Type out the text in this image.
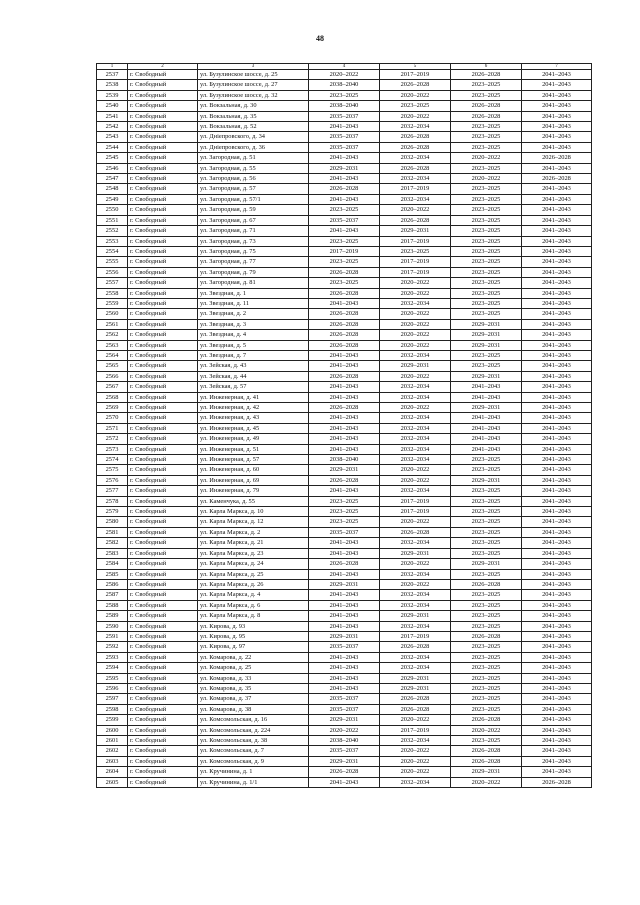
48
1	2	3	4	5	6	7
2537	г. Свободный	ул. Бузулинское шоссе, д. 25	2020–2022	2017–2019	2026–2028	2041–2043
2538	г. Свободный	ул. Бузулинское шоссе, д. 27	2038–2040	2026–2028	2023–2025	2041–2043
2539	г. Свободный	ул. Бузулинское шоссе, д. 32	2023–2025	2020–2022	2023–2025	2041–2043
2540	г. Свободный	ул. Вокзальная, д. 30	2038–2040	2023–2025	2026–2028	2041–2043
2541	г. Свободный	ул. Вокзальная, д. 35	2035–2037	2020–2022	2026–2028	2041–2043
2542	г. Свободный	ул. Вокзальная, д. 52	2041–2043	2032–2034	2023–2025	2041–2043
2543	г. Свободный	ул. Дніепровского, д. 34	2035–2037	2026–2028	2023–2025	2041–2043
2544	г. Свободный	ул. Дніепровского, д. 36	2035–2037	2026–2028	2023–2025	2041–2043
2545	г. Свободный	ул. Загородная, д. 51	2041–2043	2032–2034	2020–2022	2026–2028
2546	г. Свободный	ул. Загородная, д. 55	2029–2031	2026–2028	2023–2025	2041–2043
2547	г. Свободный	ул. Загородная, д. 56	2041–2043	2032–2034	2020–2022	2026–2028
2548	г. Свободный	ул. Загородная, д. 57	2026–2028	2017–2019	2023–2025	2041–2043
2549	г. Свободный	ул. Загородная, д. 57/1	2041–2043	2032–2034	2023–2025	2041–2043
2550	г. Свободный	ул. Загородная, д. 59	2023–2025	2020–2022	2023–2025	2041–2043
2551	г. Свободный	ул. Загородная, д. 67	2035–2037	2026–2028	2023–2025	2041–2043
2552	г. Свободный	ул. Загородная, д. 71	2041–2043	2029–2031	2023–2025	2041–2043
2553	г. Свободный	ул. Загородная, д. 73	2023–2025	2017–2019	2023–2025	2041–2043
2554	г. Свободный	ул. Загородная, д. 75	2017–2019	2023–2025	2023–2025	2041–2043
2555	г. Свободный	ул. Загородная, д. 77	2023–2025	2017–2019	2023–2025	2041–2043
2556	г. Свободный	ул. Загородная, д. 79	2026–2028	2017–2019	2023–2025	2041–2043
2557	г. Свободный	ул. Загородная, д. 81	2023–2025	2020–2022	2023–2025	2041–2043
2558	г. Свободный	ул. Звездная, д. 1	2026–2028	2020–2022	2023–2025	2041–2043
2559	г. Свободный	ул. Звездная, д. 11	2041–2043	2032–2034	2023–2025	2041–2043
2560	г. Свободный	ул. Звездная, д. 2	2026–2028	2020–2022	2023–2025	2041–2043
2561	г. Свободный	ул. Звездная, д. 3	2026–2028	2020–2022	2029–2031	2041–2043
2562	г. Свободный	ул. Звездная, д. 4	2026–2028	2020–2022	2029–2031	2041–2043
2563	г. Свободный	ул. Звездная, д. 5	2026–2028	2020–2022	2029–2031	2041–2043
2564	г. Свободный	ул. Звездная, д. 7	2041–2043	2032–2034	2023–2025	2041–2043
2565	г. Свободный	ул. Зейская, д. 43	2041–2043	2029–2031	2023–2025	2041–2043
2566	г. Свободный	ул. Зейская, д. 44	2026–2028	2020–2022	2029–2031	2041–2043
2567	г. Свободный	ул. Зейская, д. 57	2041–2043	2032–2034	2041–2043	2041–2043
2568	г. Свободный	ул. Инженерная, д. 41	2041–2043	2032–2034	2041–2043	2041–2043
2569	г. Свободный	ул. Инженерная, д. 42	2026–2028	2020–2022	2029–2031	2041–2043
2570	г. Свободный	ул. Инженерная, д. 43	2041–2043	2032–2034	2041–2043	2041–2043
2571	г. Свободный	ул. Инженерная, д. 45	2041–2043	2032–2034	2041–2043	2041–2043
2572	г. Свободный	ул. Инженерная, д. 49	2041–2043	2032–2034	2041–2043	2041–2043
2573	г. Свободный	ул. Инженерная, д. 51	2041–2043	2032–2034	2041–2043	2041–2043
2574	г. Свободный	ул. Инженерная, д. 57	2038–2040	2032–2034	2023–2025	2041–2043
2575	г. Свободный	ул. Инженерная, д. 60	2029–2031	2020–2022	2023–2025	2041–2043
2576	г. Свободный	ул. Инженерная, д. 69	2026–2028	2020–2022	2029–2031	2041–2043
2577	г. Свободный	ул. Инженерная, д. 79	2041–2043	2032–2034	2023–2025	2041–2043
2578	г. Свободный	ул. Каменчука, д. 55	2023–2025	2017–2019	2023–2025	2041–2043
2579	г. Свободный	ул. Карла Маркса, д. 10	2023–2025	2017–2019	2023–2025	2041–2043
2580	г. Свободный	ул. Карла Маркса, д. 12	2023–2025	2020–2022	2023–2025	2041–2043
2581	г. Свободный	ул. Карла Маркса, д. 2	2035–2037	2026–2028	2023–2025	2041–2043
2582	г. Свободный	ул. Карла Маркса, д. 21	2041–2043	2032–2034	2023–2025	2041–2043
2583	г. Свободный	ул. Карла Маркса, д. 23	2041–2043	2029–2031	2023–2025	2041–2043
2584	г. Свободный	ул. Карла Маркса, д. 24	2026–2028	2020–2022	2029–2031	2041–2043
2585	г. Свободный	ул. Карла Маркса, д. 25	2041–2043	2032–2034	2023–2025	2041–2043
2586	г. Свободный	ул. Карла Маркса, д. 26	2029–2031	2020–2022	2026–2028	2041–2043
2587	г. Свободный	ул. Карла Маркса, д. 4	2041–2043	2032–2034	2023–2025	2041–2043
2588	г. Свободный	ул. Карла Маркса, д. 6	2041–2043	2032–2034	2023–2025	2041–2043
2589	г. Свободный	ул. Карла Маркса, д. 8	2041–2043	2029–2031	2023–2025	2041–2043
2590	г. Свободный	ул. Кирова, д. 93	2041–2043	2032–2034	2023–2025	2041–2043
2591	г. Свободный	ул. Кирова, д. 95	2029–2031	2017–2019	2026–2028	2041–2043
2592	г. Свободный	ул. Кирова, д. 97	2035–2037	2026–2028	2023–2025	2041–2043
2593	г. Свободный	ул. Комарова, д. 22	2041–2043	2032–2034	2023–2025	2041–2043
2594	г. Свободный	ул. Комарова, д. 25	2041–2043	2032–2034	2023–2025	2041–2043
2595	г. Свободный	ул. Комарова, д. 33	2041–2043	2029–2031	2023–2025	2041–2043
2596	г. Свободный	ул. Комарова, д. 35	2041–2043	2029–2031	2023–2025	2041–2043
2597	г. Свободный	ул. Комарова, д. 37	2035–2037	2026–2028	2023–2025	2041–2043
2598	г. Свободный	ул. Комарова, д. 38	2035–2037	2026–2028	2023–2025	2041–2043
2599	г. Свободный	ул. Комсомольская, д. 16	2029–2031	2020–2022	2026–2028	2041–2043
2600	г. Свободный	ул. Комсомольская, д. 224	2020–2022	2017–2019	2020–2022	2041–2043
2601	г. Свободный	ул. Комсомольская, д. 38	2038–2040	2032–2034	2023–2025	2041–2043
2602	г. Свободный	ул. Комсомольская, д. 7	2035–2037	2020–2022	2026–2028	2041–2043
2603	г. Свободный	ул. Комсомольская, д. 9	2029–2031	2020–2022	2026–2028	2041–2043
2604	г. Свободный	ул. Кручинина, д. 1	2026–2028	2020–2022	2029–2031	2041–2043
2605	г. Свободный	ул. Кручинина, д. 1/1	2041–2043	2032–2034	2020–2022	2026–2028
